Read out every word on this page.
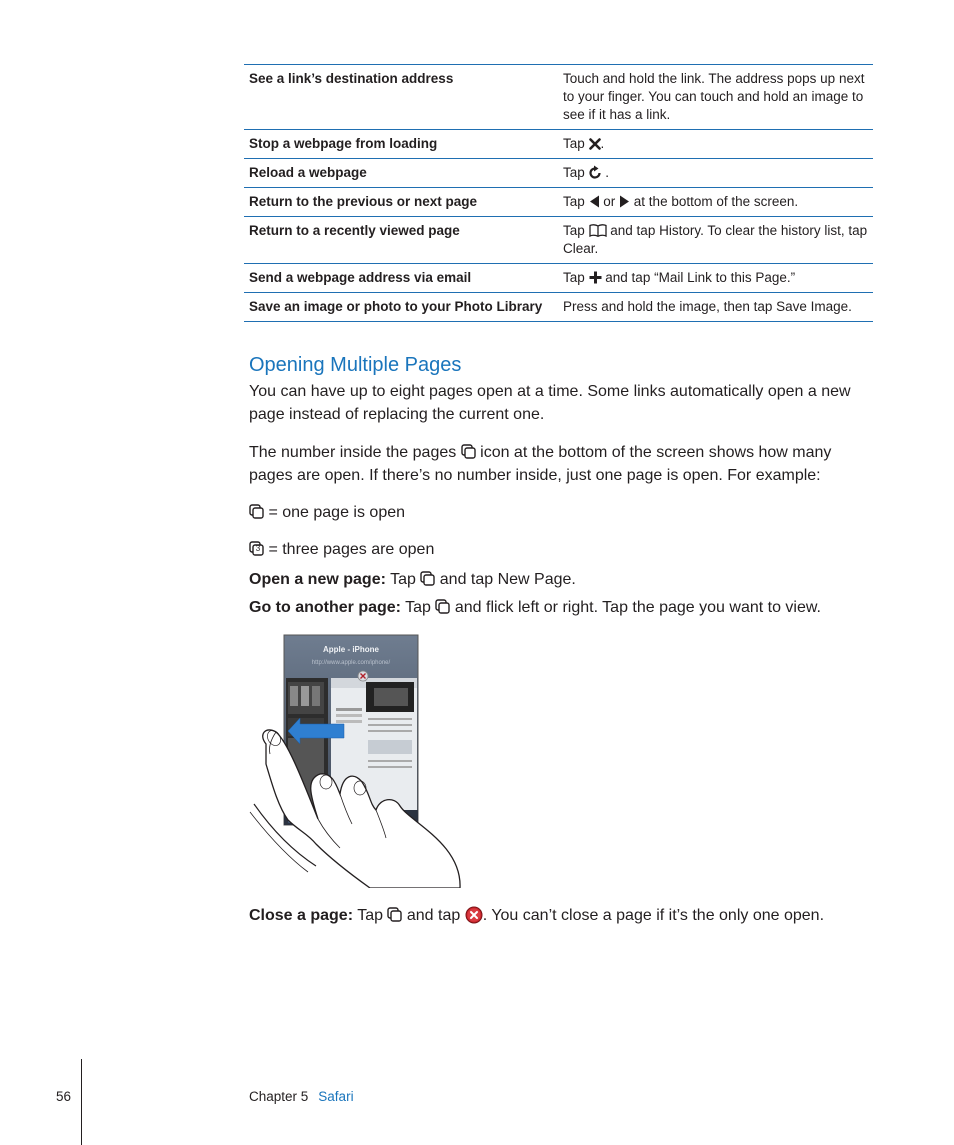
See a link’s destination address	Touch and hold the link. The address pops up next to your finger. You can touch and hold an image to see if it has a link.
Stop a webpage from loading	Tap .
Reload a webpage	Tap  .
Return to the previous or next page	Tap  or  at the bottom of the screen.
Return to a recently viewed page	Tap  and tap History. To clear the history list, tap Clear.
Send a webpage address via email	Tap  and tap “Mail Link to this Page.”
Save an image or photo to your Photo Library	Press and hold the image, then tap Save Image.
Opening Multiple Pages

You can have up to eight pages open at a time. Some links automatically open a new page instead of replacing the current one.

The number inside the pages  icon at the bottom of the screen shows how many pages are open. If there’s no number inside, just one page is open. For example:

= one page is open

3 = three pages are open

Open a new page: Tap  and tap New Page.

Go to another page: Tap  and flick left or right. Tap the page you want to view.

Apple - iPhone
http://www.apple.com/iphone/

Close a page: Tap  and tap . You can’t close a page if it’s the only one open.

56	Chapter 5 Safari
